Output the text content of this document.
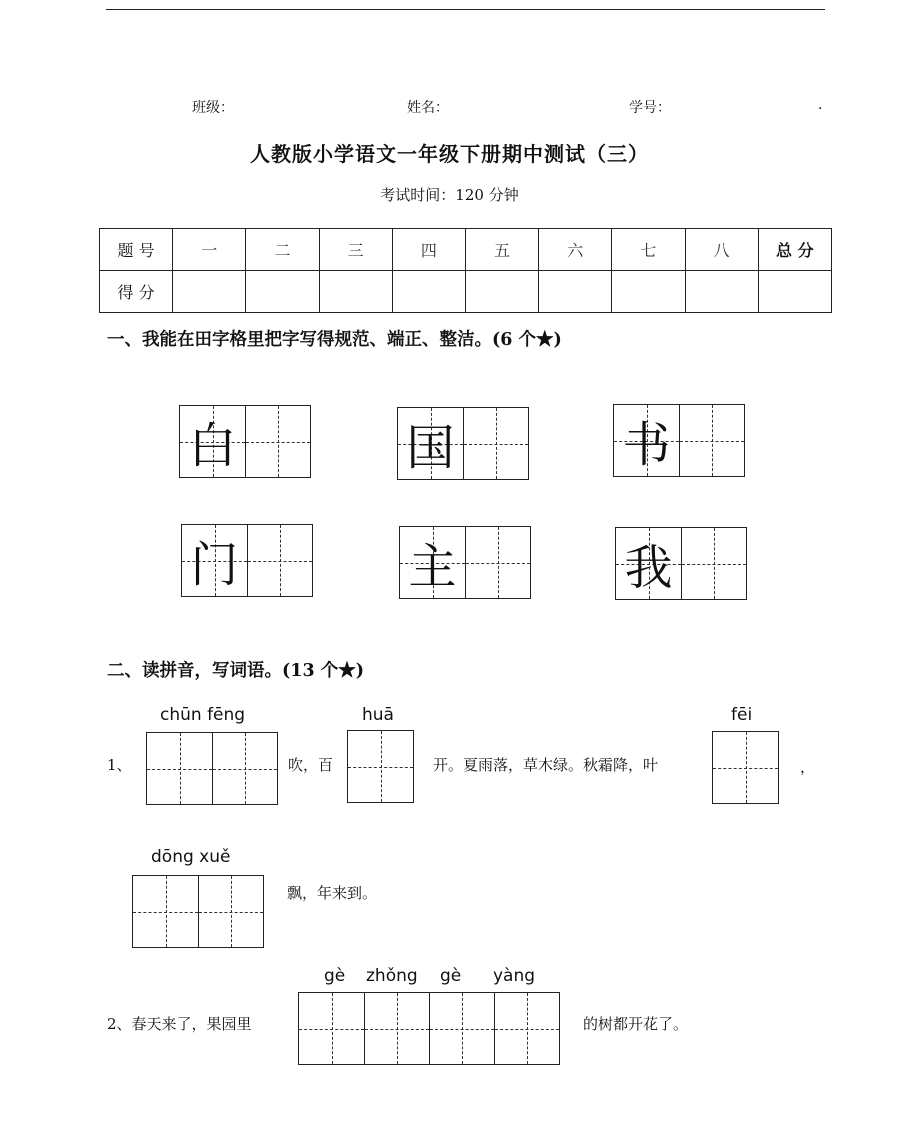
班级：	姓名：	学号：	.
人教版小学语文一年级下册期中测试（三）
考试时间：120 分钟
题 号	一	二	三	四	五	六	七	八	总 分
得 分									
一、我能在田字格里把字写得规范、端正、整洁。(6 个★)
白	国	书
门	主	我
二、读拼音，写词语。(13 个★)
1、
chūn fēng
吹，百
huā
开。夏雨落，草木绿。秋霜降，叶
fēi
，
dōng xuě
飘，年来到。
2、春天来了，果园里
gè zhǒng gè yàng
的树都开花了。
